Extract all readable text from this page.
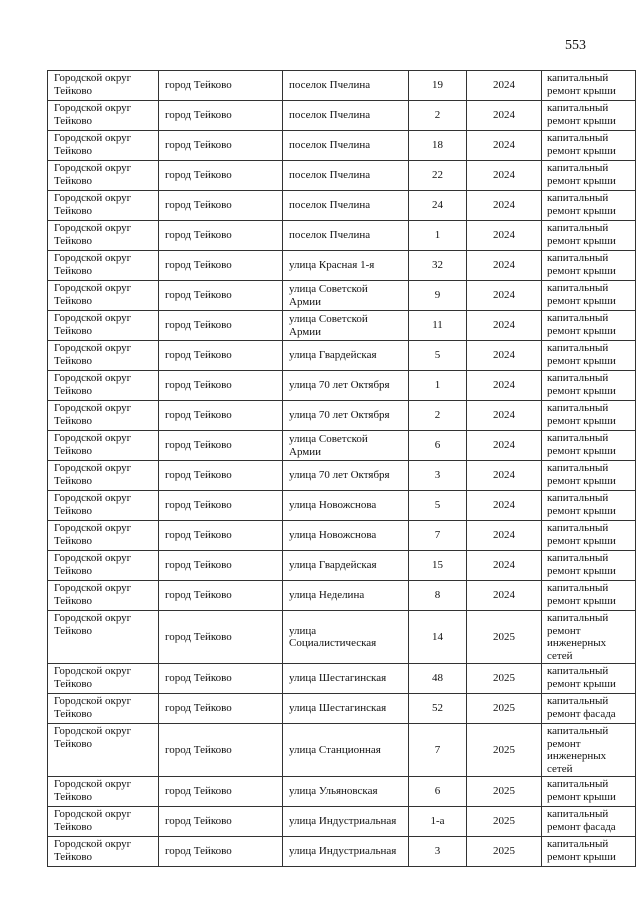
553
Городской округ Тейково	город Тейково	поселок Пчелина	19	2024	капитальный ремонт крыши
Городской округ Тейково	город Тейково	поселок Пчелина	2	2024	капитальный ремонт крыши
Городской округ Тейково	город Тейково	поселок Пчелина	18	2024	капитальный ремонт крыши
Городской округ Тейково	город Тейково	поселок Пчелина	22	2024	капитальный ремонт крыши
Городской округ Тейково	город Тейково	поселок Пчелина	24	2024	капитальный ремонт крыши
Городской округ Тейково	город Тейково	поселок Пчелина	1	2024	капитальный ремонт крыши
Городской округ Тейково	город Тейково	улица Красная 1-я	32	2024	капитальный ремонт крыши
Городской округ Тейково	город Тейково	улица Советской Армии	9	2024	капитальный ремонт крыши
Городской округ Тейково	город Тейково	улица Советской Армии	11	2024	капитальный ремонт крыши
Городской округ Тейково	город Тейково	улица Гвардейская	5	2024	капитальный ремонт крыши
Городской округ Тейково	город Тейково	улица 70 лет Октября	1	2024	капитальный ремонт крыши
Городской округ Тейково	город Тейково	улица 70 лет Октября	2	2024	капитальный ремонт крыши
Городской округ Тейково	город Тейково	улица Советской Армии	6	2024	капитальный ремонт крыши
Городской округ Тейково	город Тейково	улица 70 лет Октября	3	2024	капитальный ремонт крыши
Городской округ Тейково	город Тейково	улица Новожснова	5	2024	капитальный ремонт крыши
Городской округ Тейково	город Тейково	улица Новожснова	7	2024	капитальный ремонт крыши
Городской округ Тейково	город Тейково	улица Гвардейская	15	2024	капитальный ремонт крыши
Городской округ Тейково	город Тейково	улица Неделина	8	2024	капитальный ремонт крыши
Городской округ Тейково	город Тейково	улица Социалистическая	14	2025	капитальный ремонт инженерных сетей
Городской округ Тейково	город Тейково	улица Шестагинская	48	2025	капитальный ремонт крыши
Городской округ Тейково	город Тейково	улица Шестагинская	52	2025	капитальный ремонт фасада
Городской округ Тейково	город Тейково	улица Станционная	7	2025	капитальный ремонт инженерных сетей
Городской округ Тейково	город Тейково	улица Ульяновская	6	2025	капитальный ремонт крыши
Городской округ Тейково	город Тейково	улица Индустриальная	1-а	2025	капитальный ремонт фасада
Городской округ Тейково	город Тейково	улица Индустриальная	3	2025	капитальный ремонт крыши
